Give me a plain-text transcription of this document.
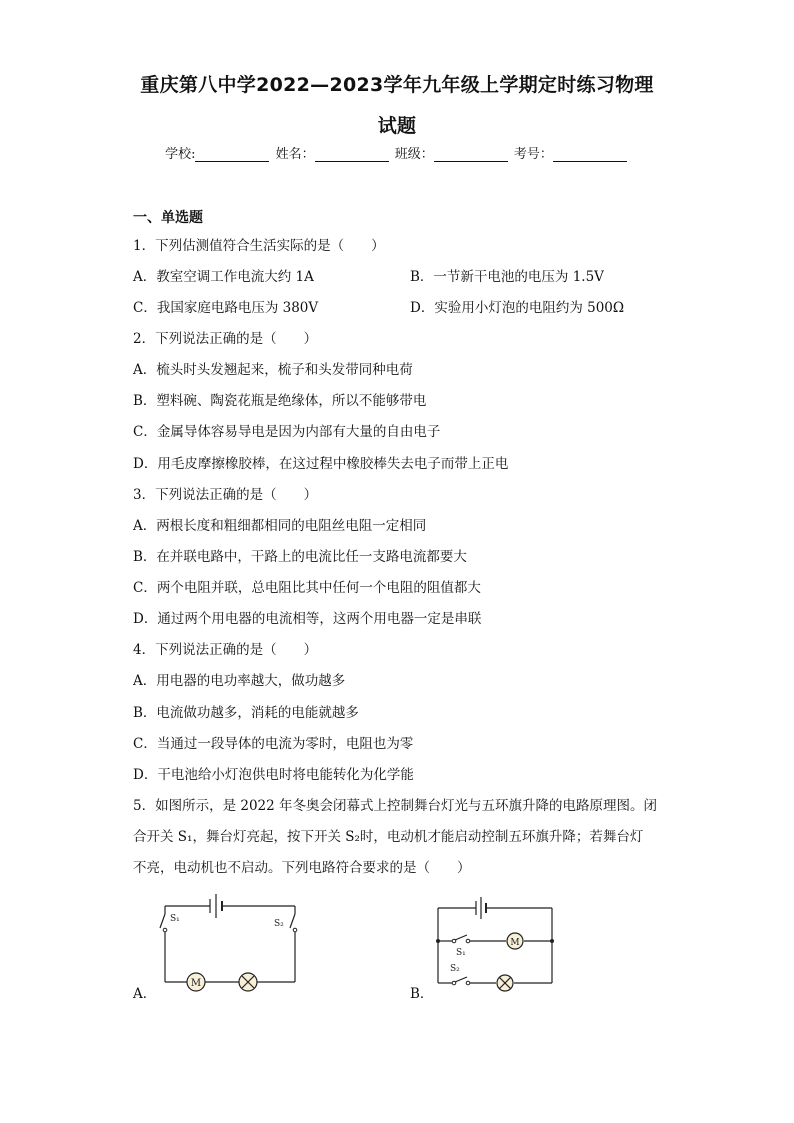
重庆第八中学2022—2023学年九年级上学期定时练习物理
试题
学校:	姓名：	班级：	考号：
一、单选题
1．下列估测值符合生活实际的是（　　）
A．教室空调工作电流大约 1A	B．一节新干电池的电压为 1.5V
C．我国家庭电路电压为 380V	D．实验用小灯泡的电阻约为 500Ω
2．下列说法正确的是（　　）
A．梳头时头发翘起来，梳子和头发带同种电荷
B．塑料碗、陶瓷花瓶是绝缘体，所以不能够带电
C．金属导体容易导电是因为内部有大量的自由电子
D．用毛皮摩擦橡胶棒，在这过程中橡胶棒失去电子而带上正电
3．下列说法正确的是（　　）
A．两根长度和粗细都相同的电阻丝电阻一定相同
B．在并联电路中，干路上的电流比任一支路电流都要大
C．两个电阻并联，总电阻比其中任何一个电阻的阻值都大
D．通过两个用电器的电流相等，这两个用电器一定是串联
4．下列说法正确的是（　　）
A．用电器的电功率越大，做功越多
B．电流做功越多，消耗的电能就越多
C．当通过一段导体的电流为零时，电阻也为零
D．干电池给小灯泡供电时将电能转化为化学能
5．如图所示，是 2022 年冬奥会闭幕式上控制舞台灯光与五环旗升降的电路原理图。闭
合开关 S₁，舞台灯亮起，按下开关 S₂时，电动机才能启动控制五环旗升降；若舞台灯
不亮，电动机也不启动。下列电路符合要求的是（　　）
A．
S₁	S₂
M
B．
S₁
M
S₂
